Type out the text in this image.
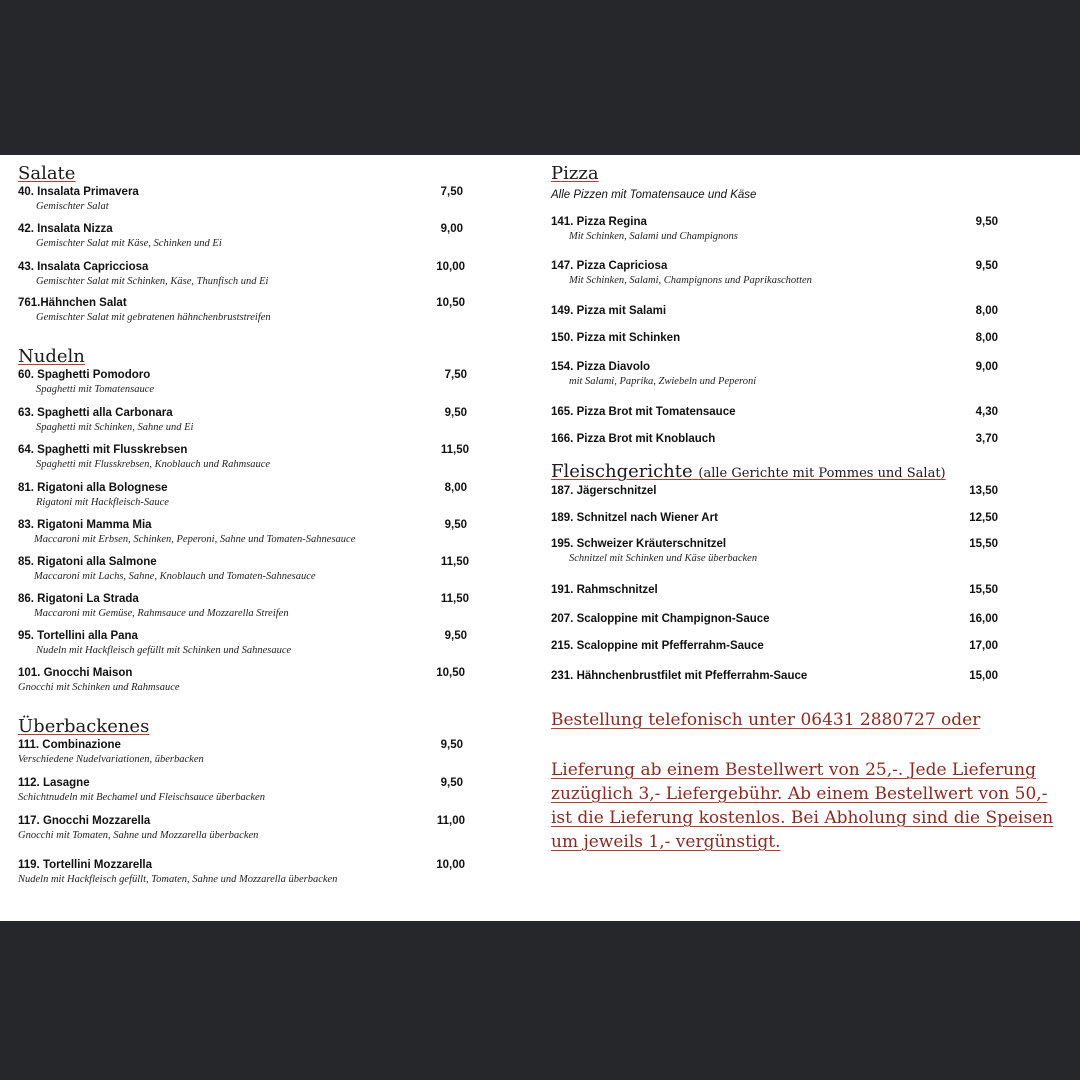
Salate
40. Insalata Primavera
Gemischter Salat
7,50
42. Insalata Nizza
Gemischter Salat mit Käse, Schinken und Ei
9,00
43. Insalata Capricciosa
Gemischter Salat mit Schinken, Käse, Thunfisch und Ei
10,00
761.Hähnchen Salat
Gemischter Salat mit gebratenen hähnchenbruststreifen
10,50
Nudeln
60. Spaghetti Pomodoro
Spaghetti mit Tomatensauce
7,50
63. Spaghetti alla Carbonara
Spaghetti mit Schinken, Sahne und Ei
9,50
64. Spaghetti mit Flusskrebsen
Spaghetti mit Flusskrebsen, Knoblauch und Rahmsauce
11,50
81. Rigatoni alla Bolognese
Rigatoni mit Hackfleisch-Sauce
8,00
83. Rigatoni Mamma Mia
Maccaroni mit Erbsen, Schinken, Peperoni, Sahne und Tomaten-Sahnesauce
9,50
85. Rigatoni alla Salmone
Maccaroni mit Lachs, Sahne, Knoblauch und Tomaten-Sahnesauce
11,50
86. Rigatoni La Strada
Maccaroni mit Gemüse, Rahmsauce und Mozzarella Streifen
11,50
95. Tortellini alla Pana
Nudeln mit Hackfleisch gefüllt mit Schinken und Sahnesauce
9,50
101. Gnocchi Maison
Gnocchi mit Schinken und Rahmsauce
10,50
Überbackenes
111. Combinazione
Verschiedene Nudelvariationen, überbacken
9,50
112. Lasagne
Schichtnudeln mit Bechamel und Fleischsauce überbacken
9,50
117. Gnocchi Mozzarella
Gnocchi mit Tomaten, Sahne und Mozzarella überbacken
11,00
119. Tortellini Mozzarella
Nudeln mit Hackfleisch gefüllt, Tomaten, Sahne und Mozzarella überbacken
10,00
Pizza
Alle Pizzen mit Tomatensauce und Käse
141. Pizza Regina
Mit Schinken, Salami und Champignons
9,50
147. Pizza Capriciosa
Mit Schinken, Salami, Champignons und Paprikaschotten
9,50
149. Pizza mit Salami	8,00
150. Pizza mit Schinken	8,00
154. Pizza Diavolo
mit Salami, Paprika, Zwiebeln und Peperoni
9,00
165. Pizza Brot mit Tomatensauce	4,30
166. Pizza Brot mit Knoblauch	3,70
Fleischgerichte (alle Gerichte mit Pommes und Salat)
187. Jägerschnitzel	13,50
189. Schnitzel nach Wiener Art	12,50
195. Schweizer Kräuterschnitzel
Schnitzel mit Schinken und Käse überbacken
15,50
191. Rahmschnitzel	15,50
207. Scaloppine mit Champignon-Sauce	16,00
215. Scaloppine mit Pfefferrahm-Sauce	17,00
231. Hähnchenbrustfilet mit Pfefferrahm-Sauce	15,00
Bestellung telefonisch unter 06431 2880727 oder
Lieferung ab einem Bestellwert von 25,-. Jede Lieferung zuzüglich 3,- Liefergebühr. Ab einem Bestellwert von 50,- ist die Lieferung kostenlos. Bei Abholung sind die Speisen um jeweils 1,- vergünstigt.
